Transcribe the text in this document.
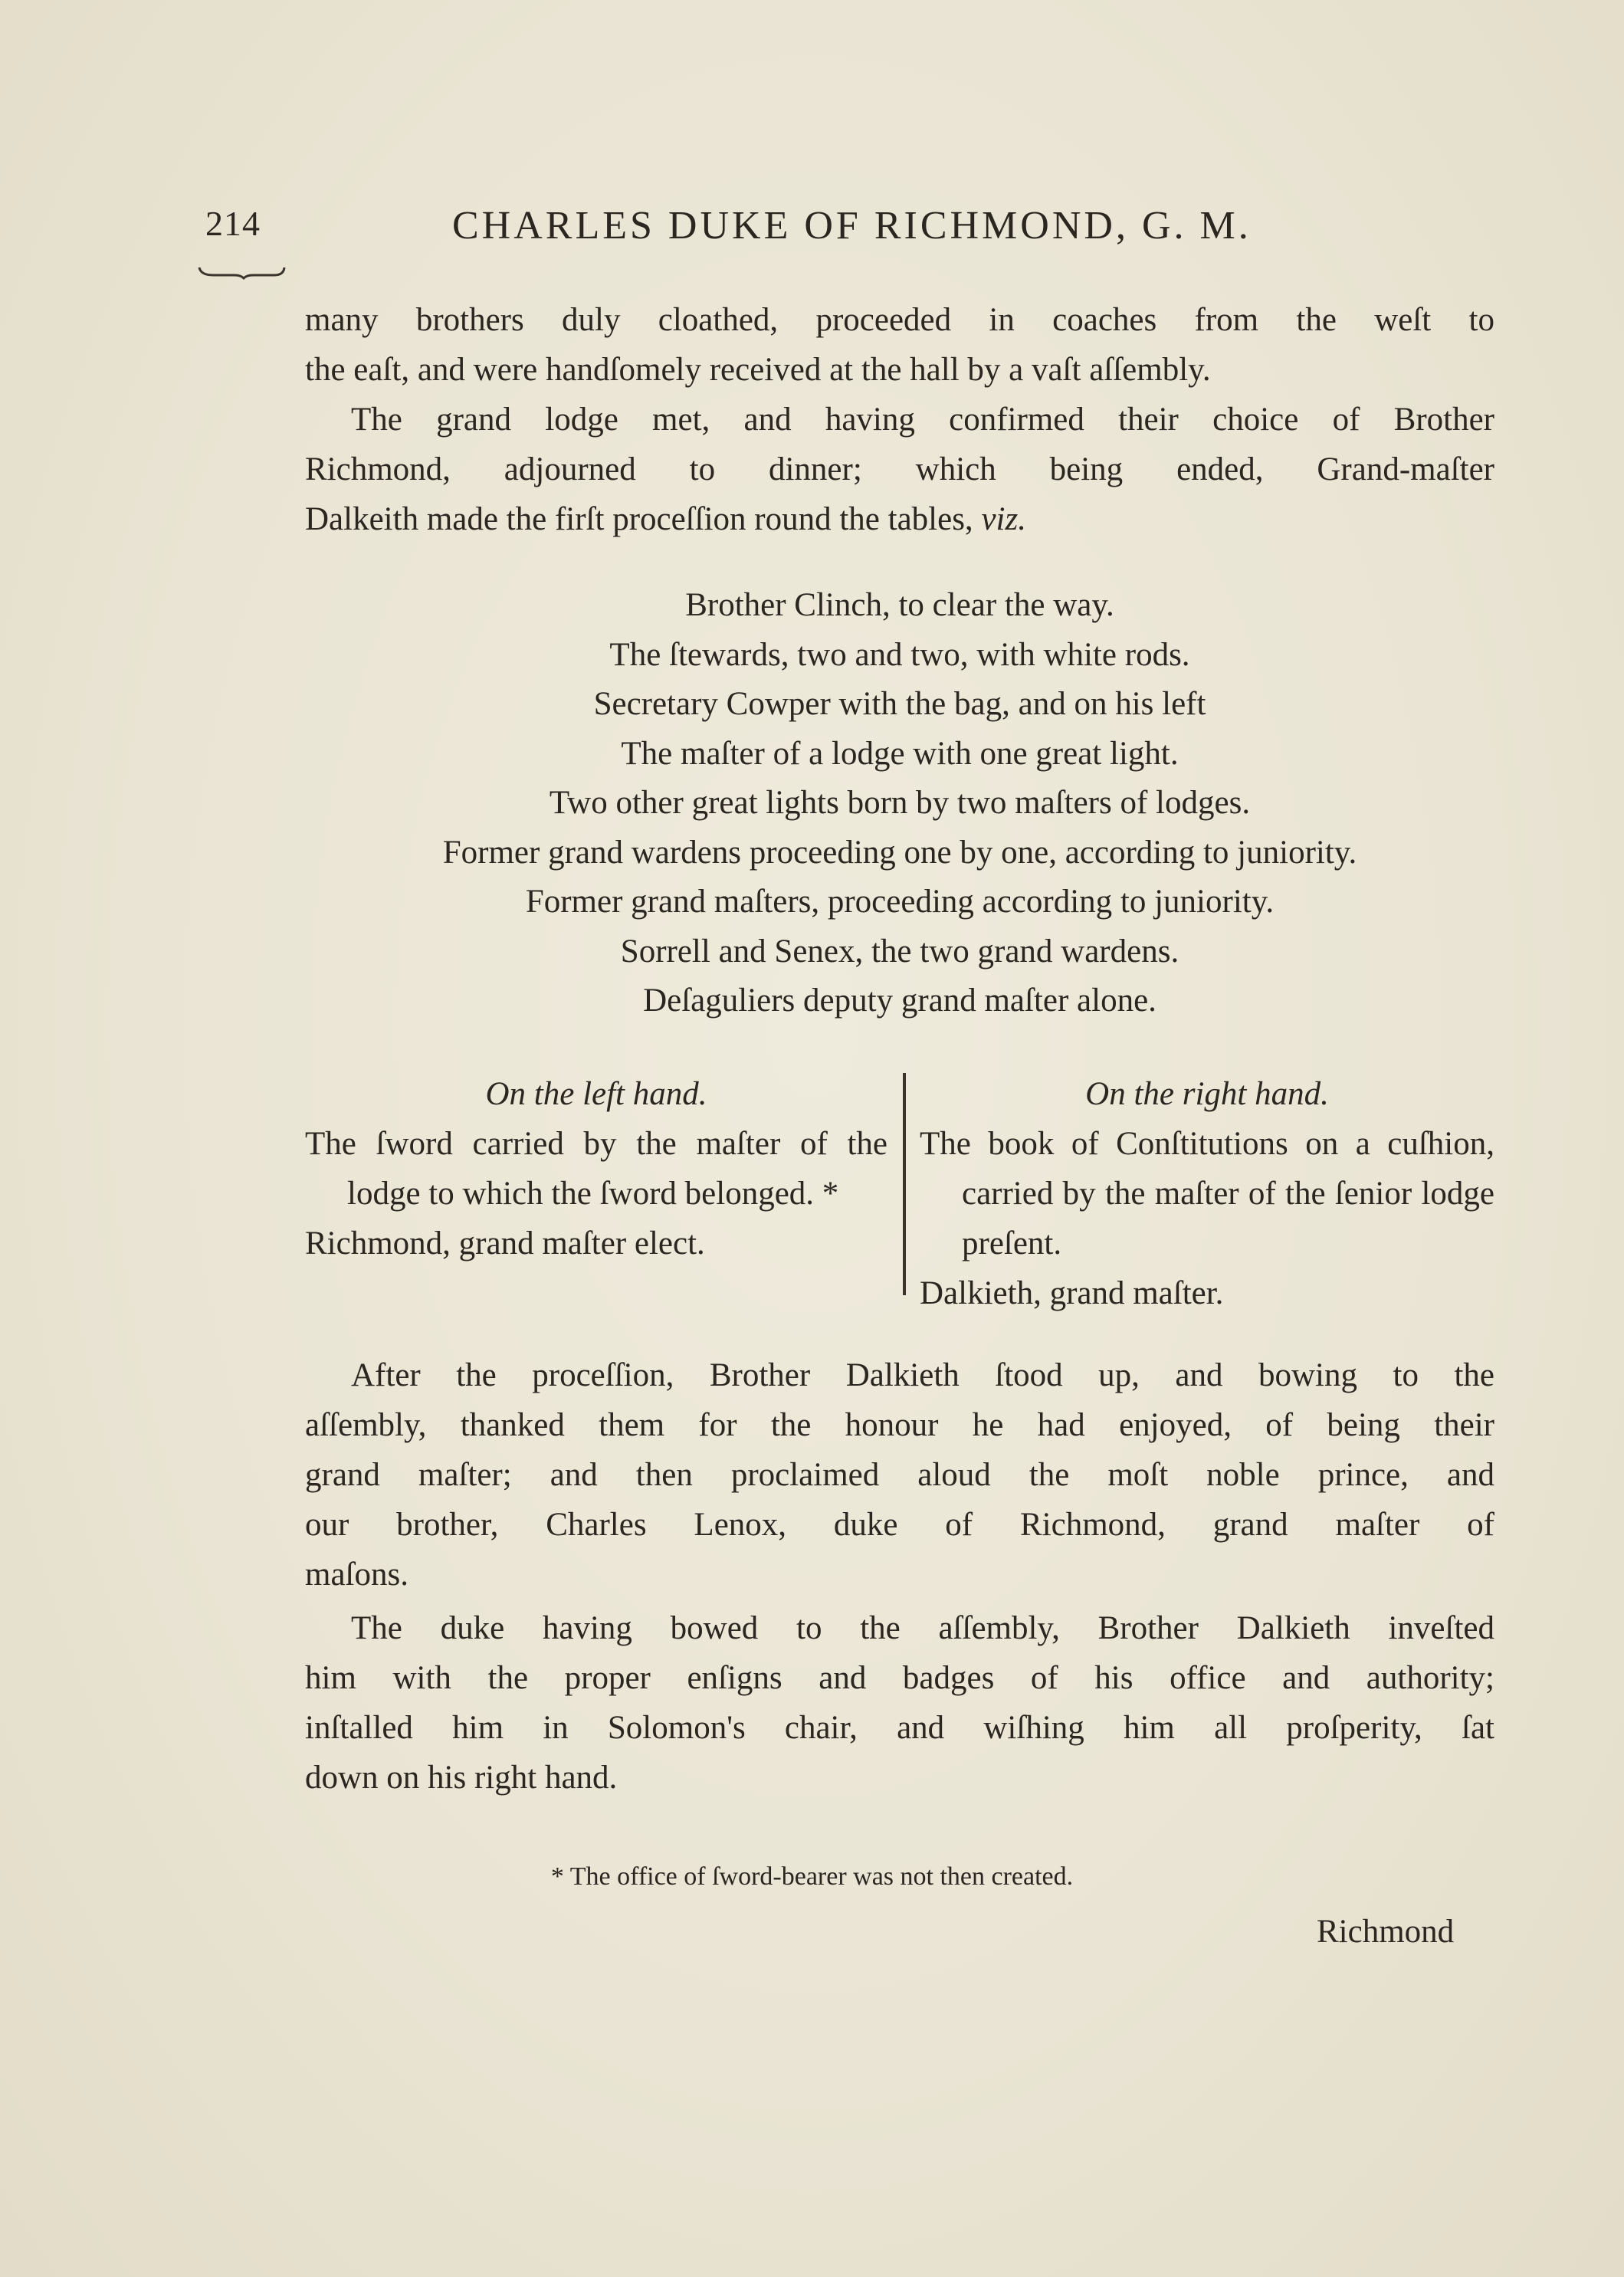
214	CHARLES DUKE OF RICHMOND, G. M.

many brothers duly cloathed, proceeded in coaches from the weſt to
the eaſt, and were handſomely received at the hall by a vaſt aſſembly.

The grand lodge met, and having confirmed their choice of Brother
Richmond, adjourned to dinner; which being ended, Grand-maſter
Dalkeith made the firſt proceſſion round the tables, viz.

Brother Clinch, to clear the way.
The ſtewards, two and two, with white rods.
Secretary Cowper with the bag, and on his left
The maſter of a lodge with one great light.
Two other great lights born by two maſters of lodges.
Former grand wardens proceeding one by one, according to juniority.
Former grand maſters, proceeding according to juniority.
Sorrell and Senex, the two grand wardens.
Deſaguliers deputy grand maſter alone.
On the left hand.
The ſword carried by the maſter of the lodge to which the ſword belonged. *
Richmond, grand maſter elect.
On the right hand.
The book of Conſtitutions on a cuſhion, carried by the maſter of the ſenior lodge preſent.
Dalkieth, grand maſter.

After the proceſſion, Brother Dalkieth ſtood up, and bowing to the
aſſembly, thanked them for the honour he had enjoyed, of being their
grand maſter; and then proclaimed aloud the moſt noble prince, and
our brother, Charles Lenox, duke of Richmond, grand maſter of
maſons.

The duke having bowed to the aſſembly, Brother Dalkieth inveſted
him with the proper enſigns and badges of his office and authority;
inſtalled him in Solomon's chair, and wiſhing him all proſperity, ſat
down on his right hand.

* The office of ſword-bearer was not then created.
Richmond
